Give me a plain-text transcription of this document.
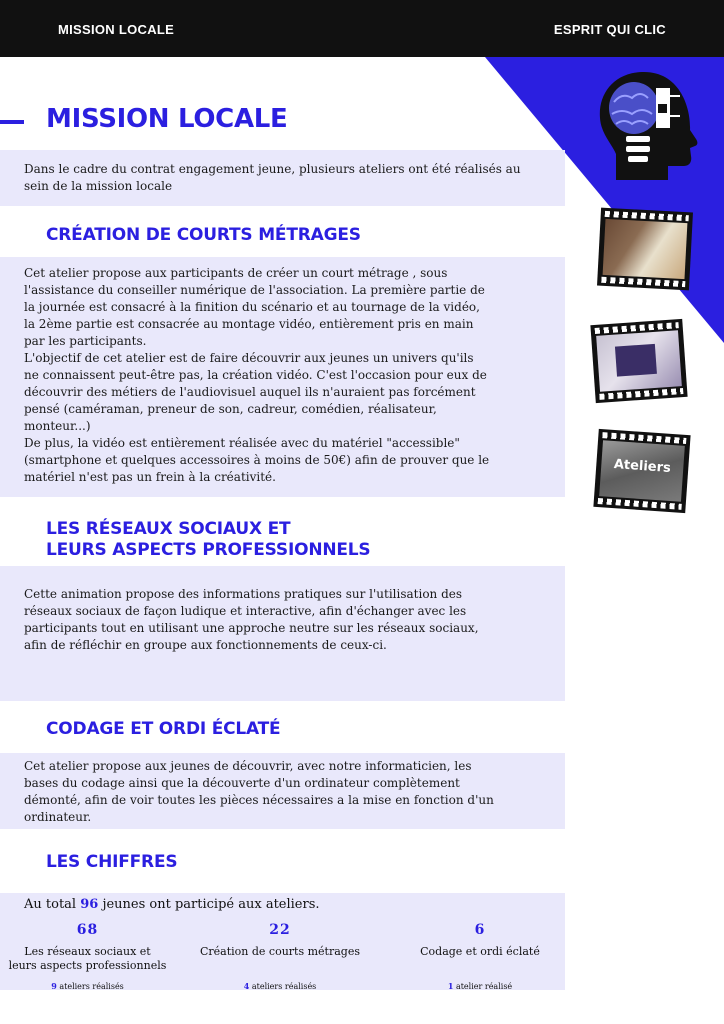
MISSION LOCALE	ESPRIT QUI CLIC
MISSION LOCALE
Dans le cadre du contrat engagement jeune, plusieurs ateliers ont été réalisés au sein de la mission locale
CRÉATION DE COURTS MÉTRAGES
Cet atelier propose aux participants de créer un court métrage , sous
l'assistance du conseiller numérique de l'association. La première partie de
la journée est consacré à la finition du scénario et au tournage de la vidéo,
la 2ème partie est consacrée au montage vidéo, entièrement pris en main
par les participants.
L'objectif de cet atelier est de faire découvrir aux jeunes un univers qu'ils
ne connaissent peut-être pas, la création vidéo. C'est l'occasion pour eux de
découvrir des métiers de l'audiovisuel auquel ils n'auraient pas forcément
pensé (caméraman, preneur de son, cadreur, comédien, réalisateur,
monteur...)
De plus, la vidéo est entièrement réalisée avec du matériel "accessible"
(smartphone et quelques accessoires à moins de 50€) afin de prouver que le
matériel n'est pas un frein à la créativité.
LES RÉSEAUX SOCIAUX ET
LEURS ASPECTS PROFESSIONNELS
Cette animation propose des informations pratiques sur l'utilisation des
réseaux sociaux de façon ludique et interactive, afin d'échanger avec les
participants tout en utilisant une approche neutre sur les réseaux sociaux,
afin de réfléchir en groupe aux fonctionnements de ceux-ci.
CODAGE ET ORDI ÉCLATÉ
Cet atelier propose aux jeunes de découvrir, avec notre informaticien, les
bases du codage ainsi que la découverte d'un ordinateur complètement
démonté, afin de voir toutes les pièces nécessaires a la mise en fonction d'un
ordinateur.
LES CHIFFRES
Au total 96 jeunes ont participé aux ateliers.
68
Les réseaux sociaux et
leurs aspects professionnels
9 ateliers réalisés
22
Création de courts métrages
4 ateliers réalisés
6
Codage et ordi éclaté
1 atelier réalisé
Ateliers
